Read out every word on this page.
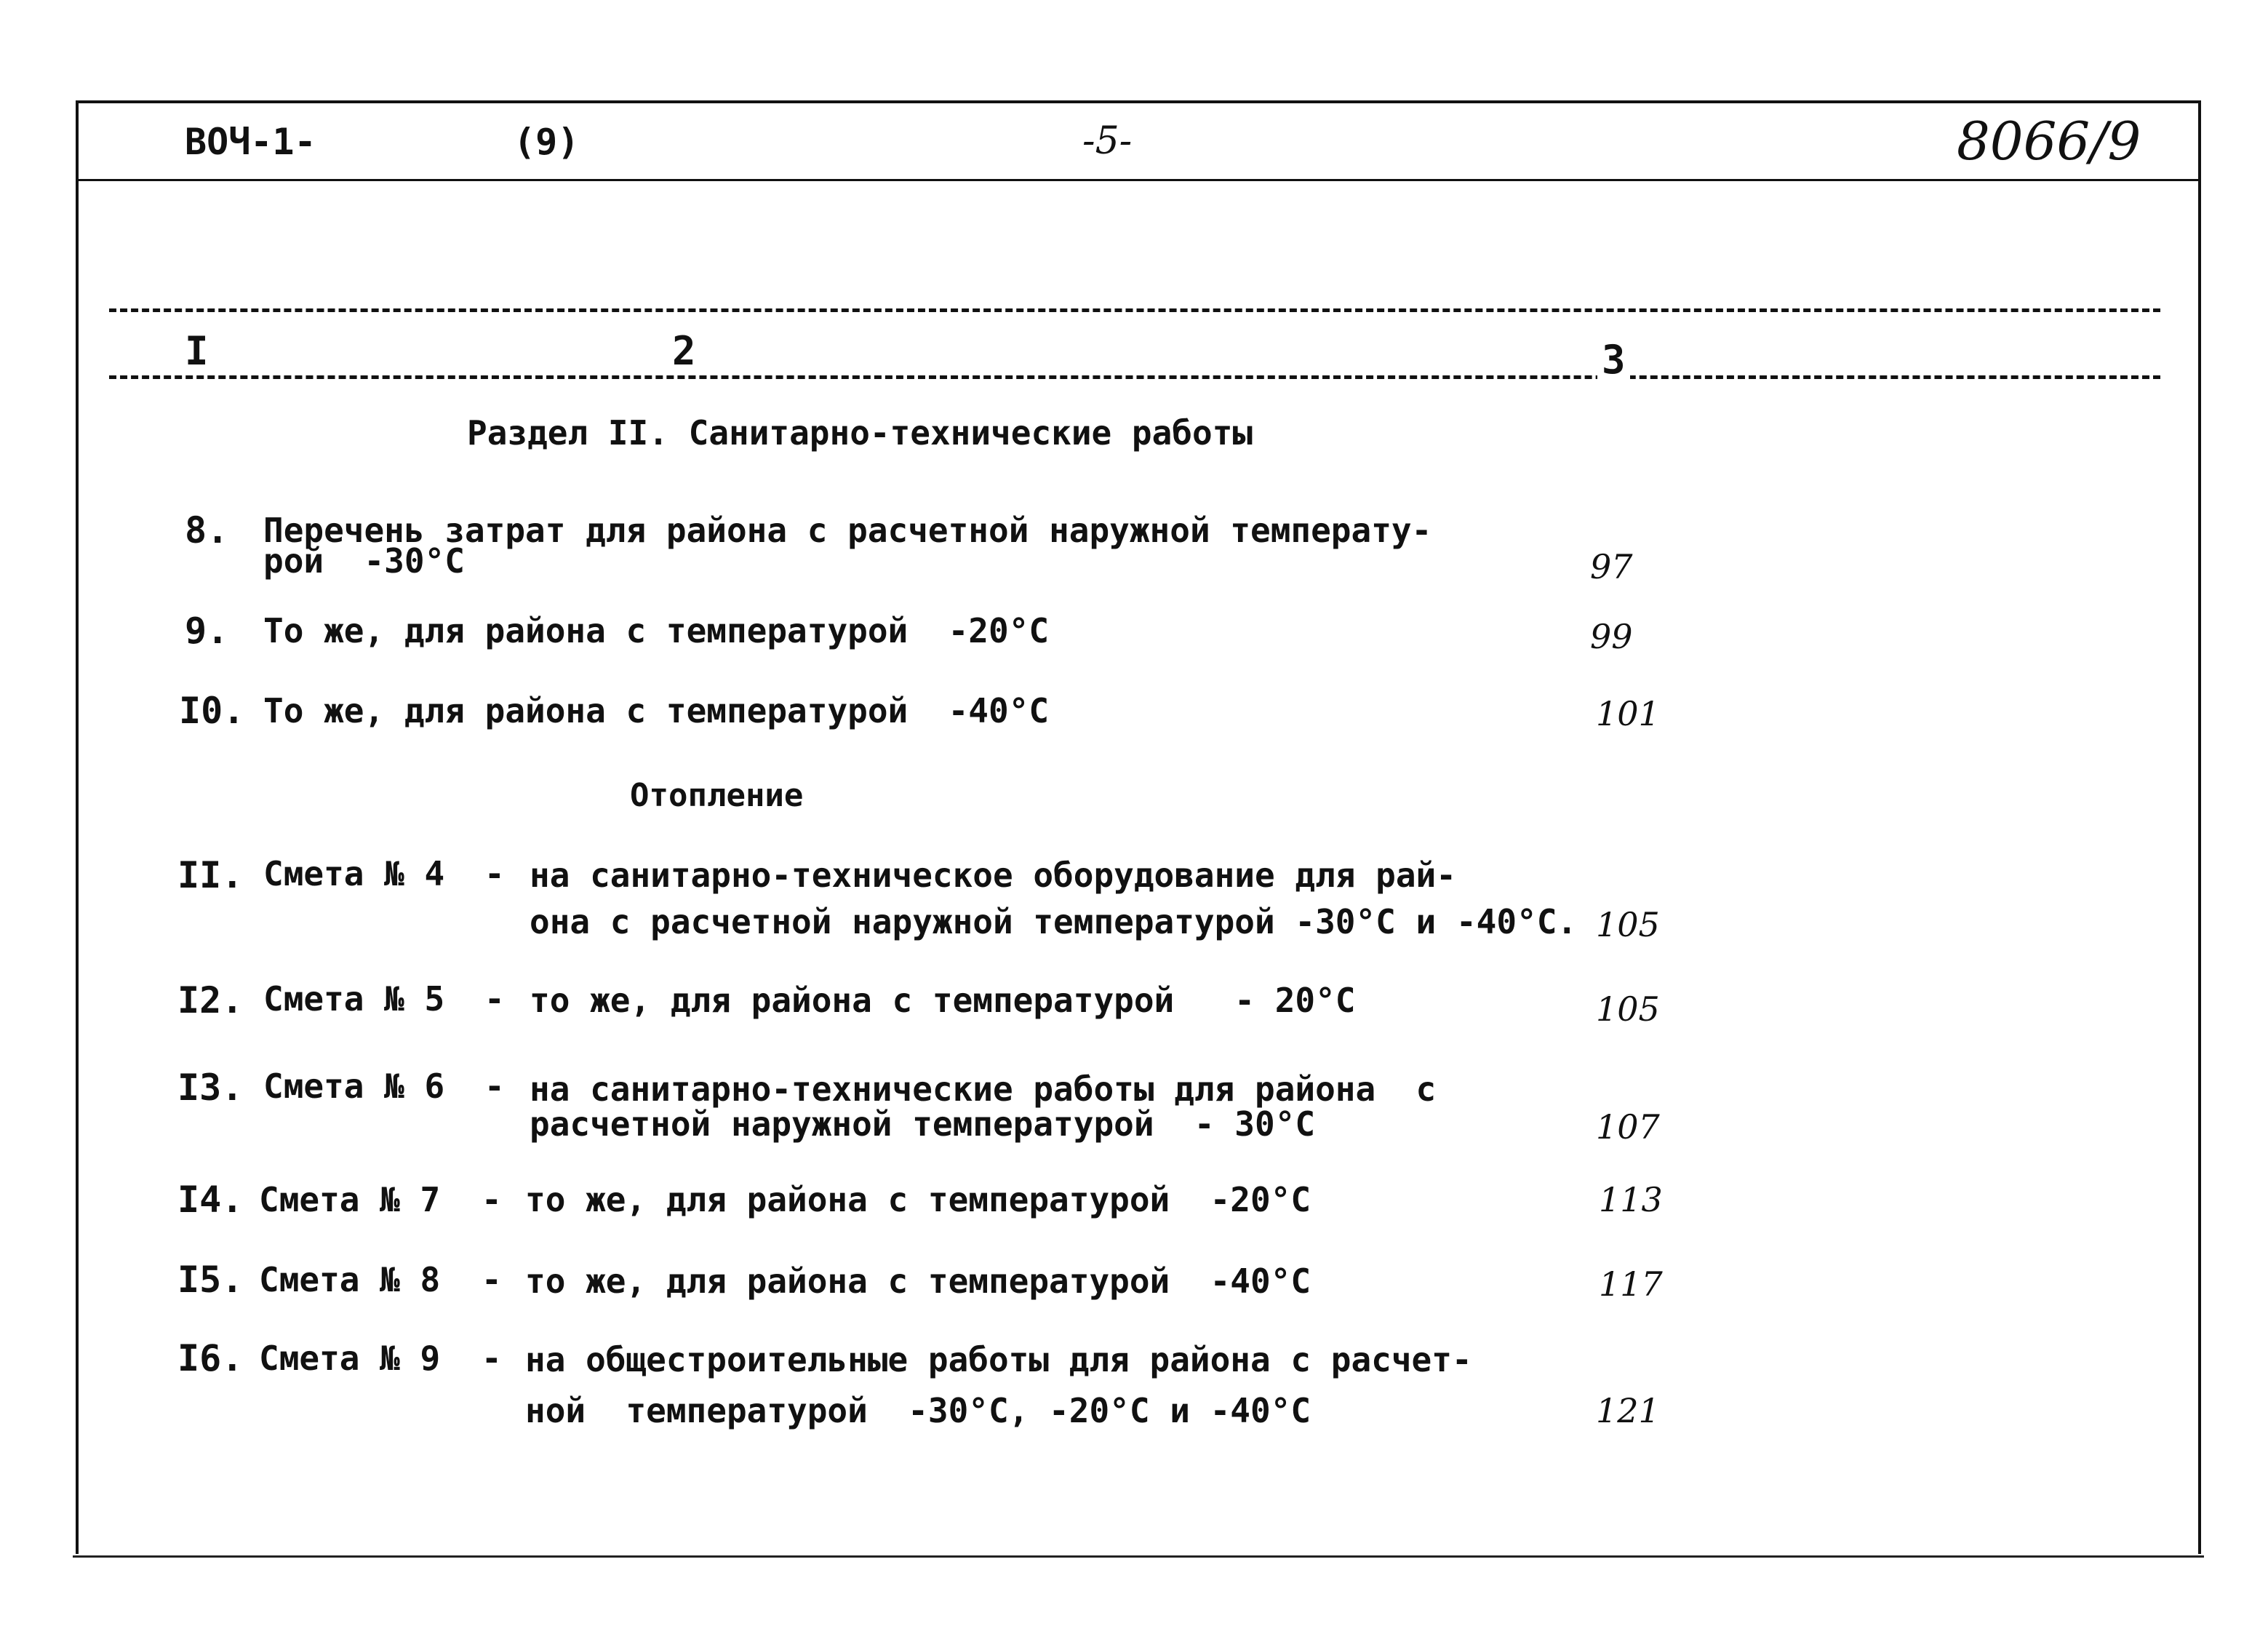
ВОЧ-1-	(9)	-5-	8066/9
I	2	3
Раздел II. Санитарно-технические работы
8. Перечень затрат для района с расчетной наружной температу-
рой  -30°С	97
9. То же, для района с температурой  -20°С	99
I0. То же, для района с температурой  -40°С	101
Отопление
II. Смета № 4 - на санитарно-техническое оборудование для рай-
она с расчетной наружной температурой -30°С и -40°С. 105
I2. Смета № 5 - то же, для района с температурой   - 20°С	105
I3. Смета № 6 - на санитарно-технические работы для района  с
расчетной наружной температурой  - 30°С	107
I4. Смета № 7 - то же, для района с температурой  -20°С	113
I5. Смета № 8 - то же, для района с температурой  -40°С	117
I6. Смета № 9 - на общестроительные работы для района с расчет-
ной  температурой  -30°С, -20°С и -40°С	121
